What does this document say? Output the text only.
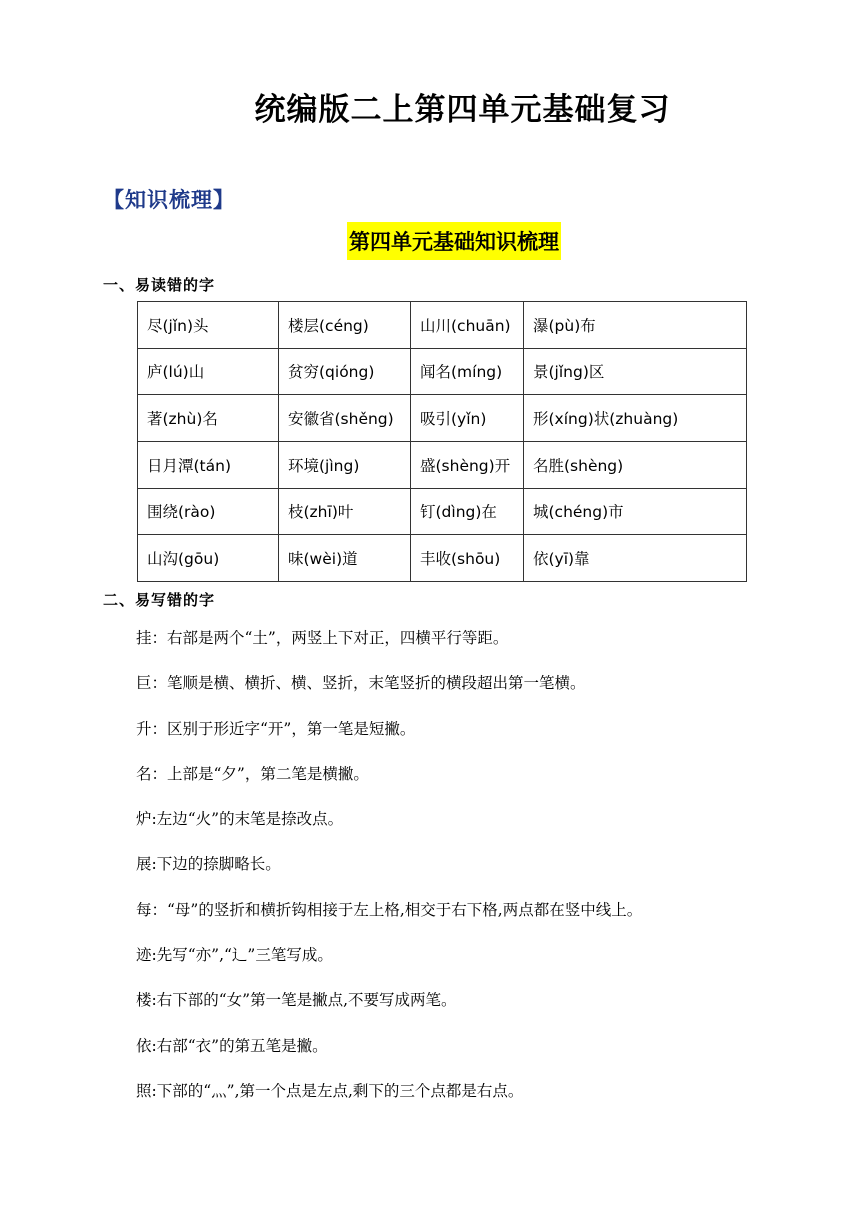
统编版二上第四单元基础复习
【知识梳理】
第四单元基础知识梳理
一、易读错的字
尽(jǐn)头	楼层(céng)	山川(chuān)	瀑(pù)布
庐(lú)山	贫穷(qióng)	闻名(míng)	景(jǐng)区
著(zhù)名	安徽省(shěng)	吸引(yǐn)	形(xíng)状(zhuàng)
日月潭(tán)	环境(jìng)	盛(shèng)开	名胜(shèng)
围绕(rào)	枝(zhī)叶	钉(dìng)在	城(chéng)市
山沟(gōu)	味(wèi)道	丰收(shōu)	依(yī)靠
二、易写错的字
挂：右部是两个“土”，两竖上下对正，四横平行等距。
巨：笔顺是横、横折、横、竖折，末笔竖折的横段超出第一笔横。
升：区别于形近字“开”，第一笔是短撇。
名：上部是“夕”，第二笔是横撇。
炉:左边“火”的末笔是捺改点。
展:下边的捺脚略长。
每：“母”的竖折和横折钩相接于左上格,相交于右下格,两点都在竖中线上。
迹:先写“亦”,“辶”三笔写成。
楼:右下部的“女”第一笔是撇点,不要写成两笔。
依:右部“衣”的第五笔是撇。
照:下部的“灬”,第一个点是左点,剩下的三个点都是右点。
